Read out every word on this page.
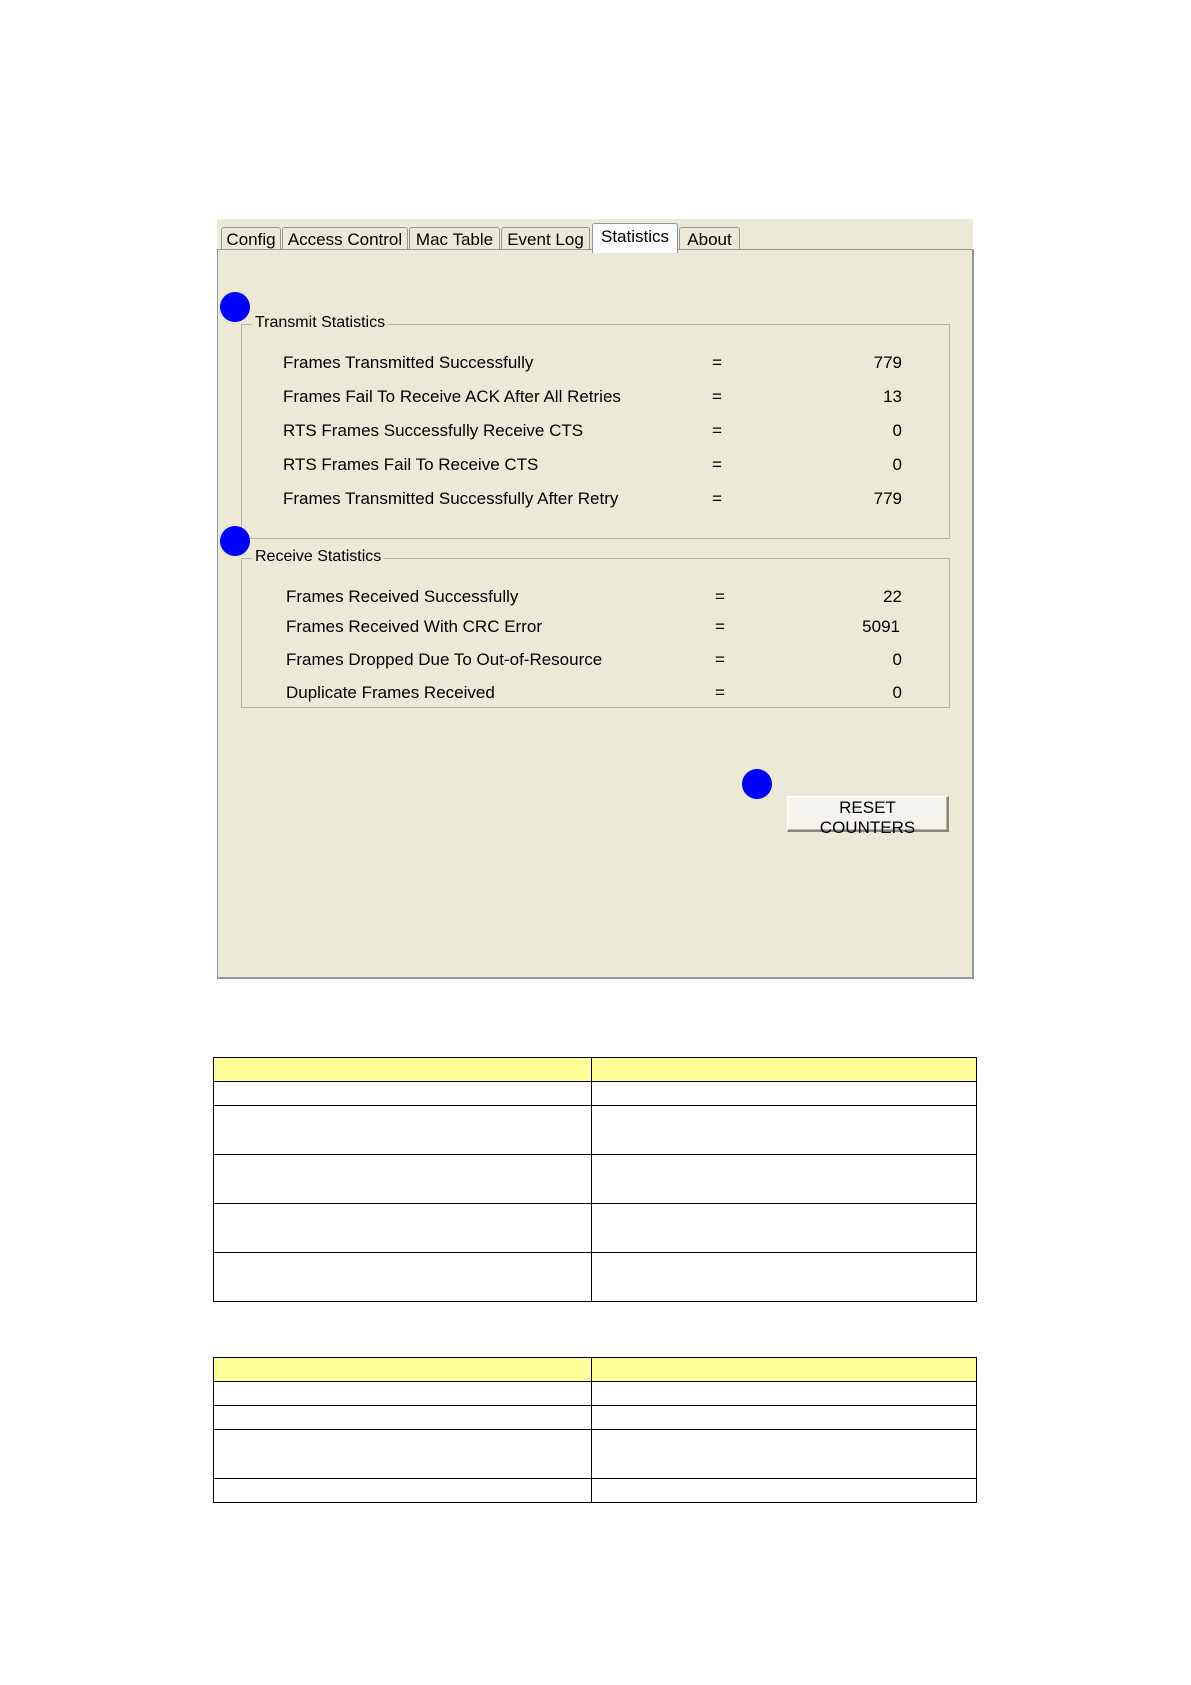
Config Access Control Mac Table Event Log	Statistics	About
Transmit Statistics
Frames Transmitted Successfully	=	779
Frames Fail To Receive ACK After All Retries	=	13
RTS Frames Successfully Receive CTS	=	0
RTS Frames Fail To Receive CTS	=	0
Frames Transmitted Successfully After Retry	=	779
Receive Statistics
Frames Received Successfully	=	22
Frames Received With CRC Error	=	5091
Frames Dropped Due To Out-of-Resource	=	0
Duplicate Frames Received	=	0
RESET COUNTERS
